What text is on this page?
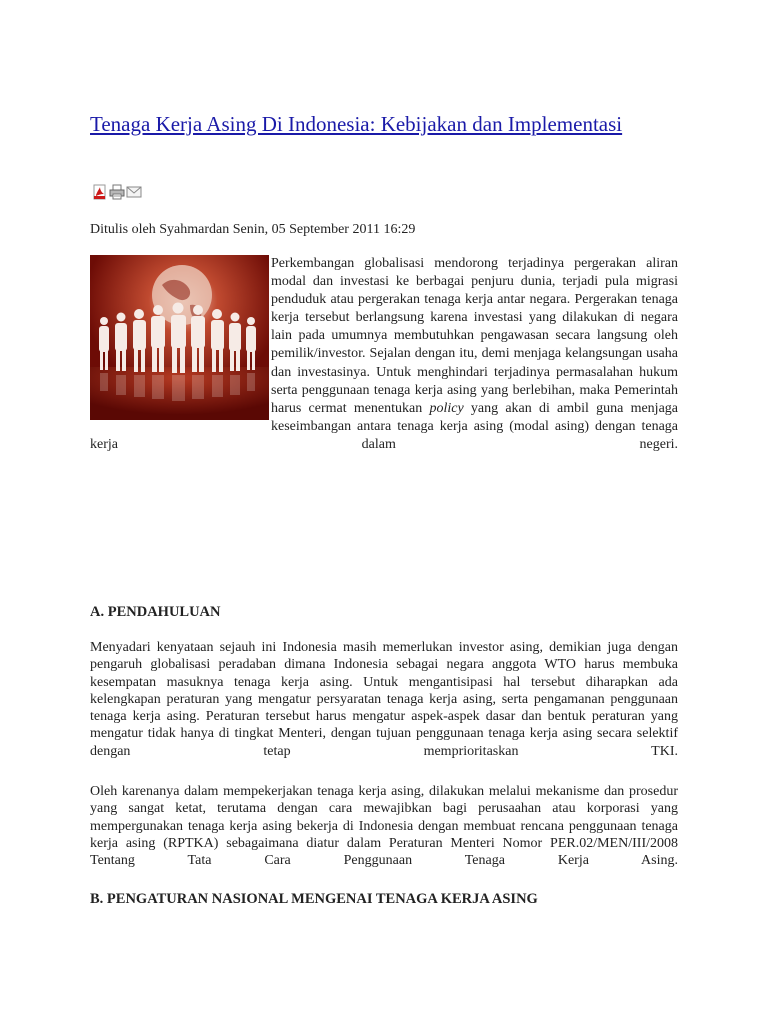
Tenaga Kerja Asing Di Indonesia: Kebijakan dan Implementasi
Ditulis oleh Syahmardan Senin, 05 September 2011 16:29

Perkembangan globalisasi mendorong terjadinya pergerakan aliran modal dan investasi ke berbagai penjuru dunia, terjadi pula migrasi penduduk atau pergerakan tenaga kerja antar negara. Pergerakan tenaga kerja tersebut berlangsung karena investasi yang dilakukan di negara lain pada umumnya membutuhkan pengawasan secara langsung oleh pemilik/investor. Sejalan dengan itu, demi menjaga kelangsungan usaha dan investasinya. Untuk menghindari terjadinya permasalahan hukum serta penggunaan tenaga kerja asing yang berlebihan, maka Pemerintah harus cermat menentukan policy yang akan di ambil guna menjaga keseimbangan antara tenaga kerja asing (modal asing) dengan tenaga kerja dalam negeri.

A. PENDAHULUAN

Menyadari kenyataan sejauh ini Indonesia masih memerlukan investor asing, demikian juga dengan pengaruh globalisasi peradaban dimana Indonesia sebagai negara anggota WTO harus membuka kesempatan masuknya tenaga kerja asing. Untuk mengantisipasi hal tersebut diharapkan ada kelengkapan peraturan yang mengatur persyaratan tenaga kerja asing, serta pengamanan penggunaan tenaga kerja asing. Peraturan tersebut harus mengatur aspek-aspek dasar dan bentuk peraturan yang mengatur tidak hanya di tingkat Menteri, dengan tujuan penggunaan tenaga kerja asing secara selektif dengan tetap memprioritaskan TKI.

Oleh karenanya dalam mempekerjakan tenaga kerja asing, dilakukan melalui mekanisme dan prosedur yang sangat ketat, terutama dengan cara mewajibkan bagi perusaahan atau korporasi yang mempergunakan tenaga kerja asing bekerja di Indonesia dengan membuat rencana penggunaan tenaga kerja asing (RPTKA) sebagaimana diatur dalam Peraturan Menteri Nomor PER.02/MEN/III/2008 Tentang Tata Cara Penggunaan Tenaga Kerja Asing.

B. PENGATURAN NASIONAL MENGENAI TENAGA KERJA ASING
